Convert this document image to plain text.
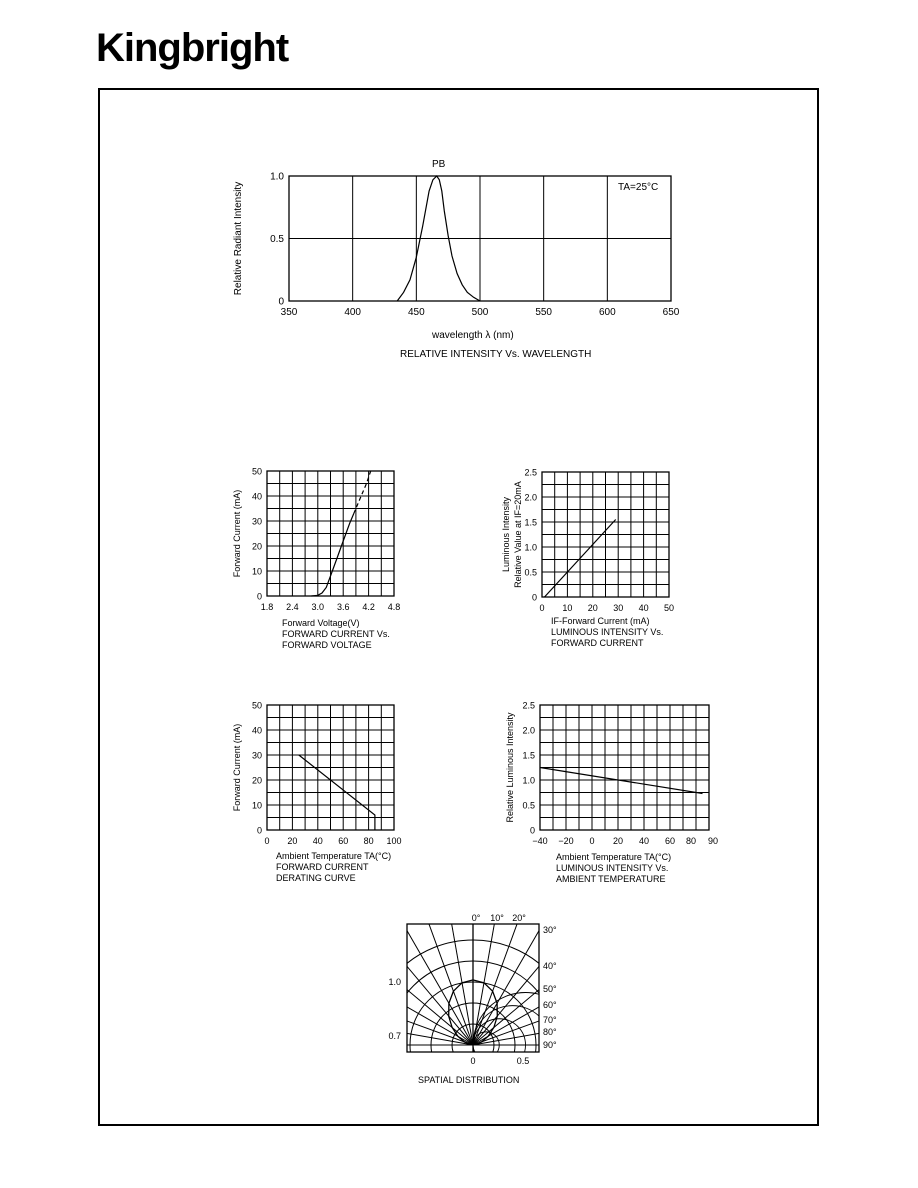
Kingbright
350	400	450	500	550	600	650
0
0.5
1.0
Relative Radiant Intensity
wavelength λ (nm)
RELATIVE INTENSITY Vs. WAVELENGTH
PB
TA=25°C
1.8 2.4 3.0 3.6 4.2 4.8
0
10
20
30
40
50
Forward Current (mA)
Forward Voltage(V)
FORWARD CURRENT Vs.
FORWARD VOLTAGE
0 10 20 30 40 50
0
0.5
1.0
1.5
2.0
2.5
Luminous Intensity Relative Value at IF=20mA
IF-Forward Current (mA)
LUMINOUS INTENSITY Vs.
FORWARD CURRENT
0 20 40 60 80 100
0
10
20
30
40
50
Forward Current (mA)
Ambient Temperature TA(°C)
FORWARD CURRENT
DERATING CURVE
−40 −20 0 20 40 60 80 90
0
0.5
1.0
1.5
2.0
2.5
Relative Luminous Intensity
Ambient Temperature TA(°C)
LUMINOUS INTENSITY Vs.
AMBIENT TEMPERATURE
0° 10° 20°
30°
40°
50°
60°
70°
80°
90°
1.0
0.7
0	0.5
SPATIAL DISTRIBUTION
